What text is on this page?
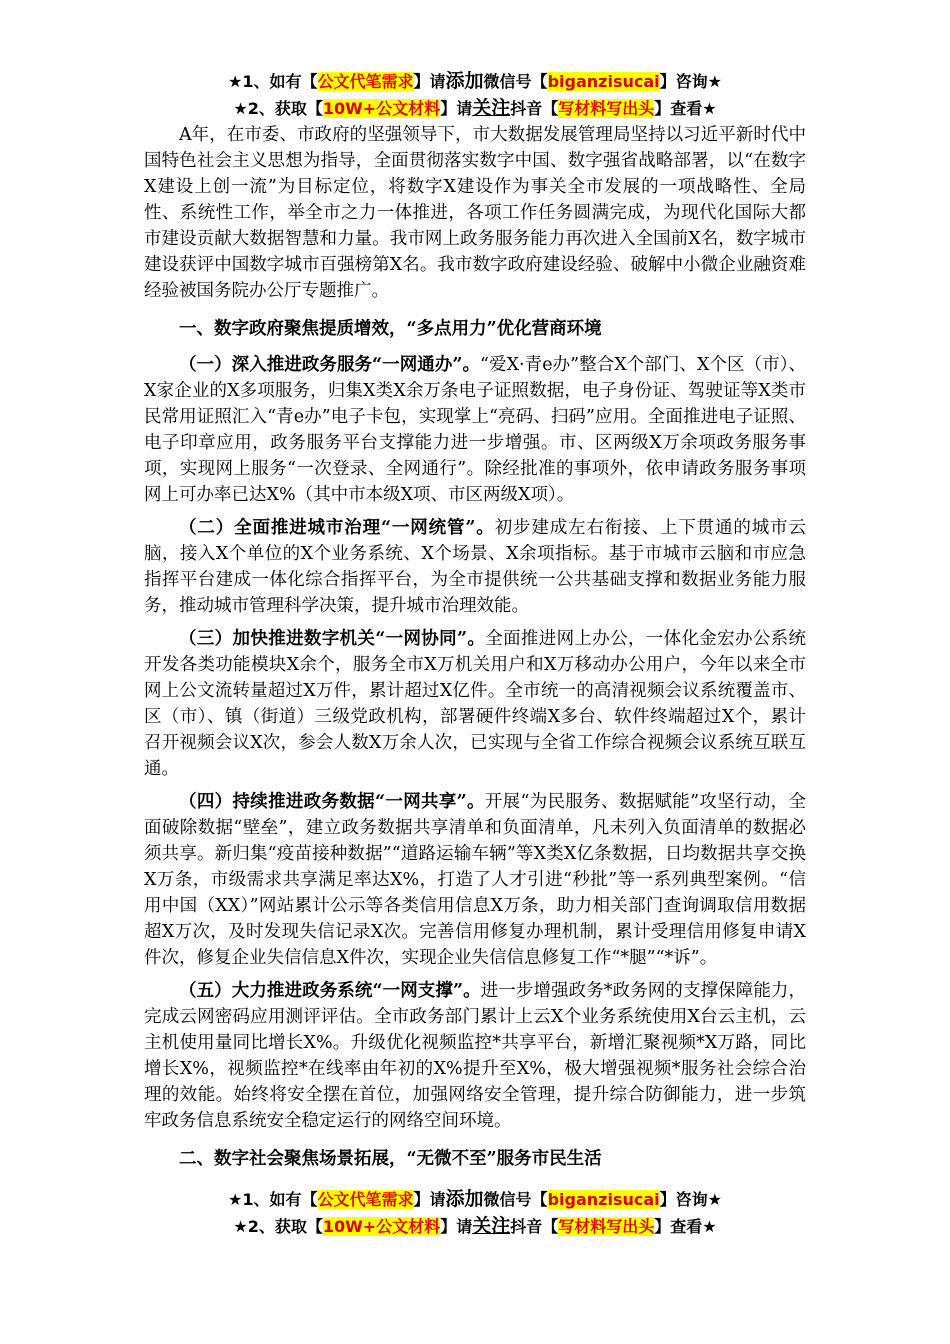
★1、如有【公文代笔需求】请添加微信号【biganzisucai】咨询★
★2、获取【10W+公文材料】请关注抖音【写材料写出头】查看★

A年，在市委、市政府的坚强领导下，市大数据发展管理局坚持以习近平新时代中国特色社会主义思想为指导，全面贯彻落实数字中国、数字强省战略部署，以“在数字X建设上创一流”为目标定位，将数字X建设作为事关全市发展的一项战略性、全局性、系统性工作，举全市之力一体推进，各项工作任务圆满完成，为现代化国际大都市建设贡献大数据智慧和力量。我市网上政务服务能力再次进入全国前X名，数字城市建设获评中国数字城市百强榜第X名。我市数字政府建设经验、破解中小微企业融资难经验被国务院办公厅专题推广。

一、数字政府聚焦提质增效，“多点用力”优化营商环境

（一）深入推进政务服务“一网通办”。“爱X·青e办”整合X个部门、X个区（市）、X家企业的X多项服务，归集X类X余万条电子证照数据，电子身份证、驾驶证等X类市民常用证照汇入“青e办”电子卡包，实现掌上“亮码、扫码”应用。全面推进电子证照、电子印章应用，政务服务平台支撑能力进一步增强。市、区两级X万余项政务服务事项，实现网上服务“一次登录、全网通行”。除经批准的事项外，依申请政务服务事项网上可办率已达X%（其中市本级X项、市区两级X项）。

（二）全面推进城市治理“一网统管”。初步建成左右衔接、上下贯通的城市云脑，接入X个单位的X个业务系统、X个场景、X余项指标。基于市城市云脑和市应急指挥平台建成一体化综合指挥平台，为全市提供统一公共基础支撑和数据业务能力服务，推动城市管理科学决策，提升城市治理效能。

（三）加快推进数字机关“一网协同”。全面推进网上办公，一体化金宏办公系统开发各类功能模块X余个，服务全市X万机关用户和X万移动办公用户，今年以来全市网上公文流转量超过X万件，累计超过X亿件。全市统一的高清视频会议系统覆盖市、区（市）、镇（街道）三级党政机构，部署硬件终端X多台、软件终端超过X个，累计召开视频会议X次，参会人数X万余人次，已实现与全省工作综合视频会议系统互联互通。

（四）持续推进政务数据“一网共享”。开展“为民服务、数据赋能”攻坚行动，全面破除数据“壁垒”，建立政务数据共享清单和负面清单，凡未列入负面清单的数据必须共享。新归集“疫苗接种数据”“道路运输车辆”等X类X亿条数据，日均数据共享交换X万条，市级需求共享满足率达X%，打造了人才引进“秒批”等一系列典型案例。“信用中国（XX）”网站累计公示等各类信用信息X万条，助力相关部门查询调取信用数据超X万次，及时发现失信记录X次。完善信用修复办理机制，累计受理信用修复申请X件次，修复企业失信信息X件次，实现企业失信信息修复工作“*腿”“*诉”。

（五）大力推进政务系统“一网支撑”。进一步增强政务*政务网的支撑保障能力，完成云网密码应用测评评估。全市政务部门累计上云X个业务系统使用X台云主机，云主机使用量同比增长X%。升级优化视频监控*共享平台，新增汇聚视频*X万路，同比增长X%，视频监控*在线率由年初的X%提升至X%，极大增强视频*服务社会综合治理的效能。始终将安全摆在首位，加强网络安全管理，提升综合防御能力，进一步筑牢政务信息系统安全稳定运行的网络空间环境。

二、数字社会聚焦场景拓展，“无微不至”服务市民生活

★1、如有【公文代笔需求】请添加微信号【biganzisucai】咨询★
★2、获取【10W+公文材料】请关注抖音【写材料写出头】查看★
